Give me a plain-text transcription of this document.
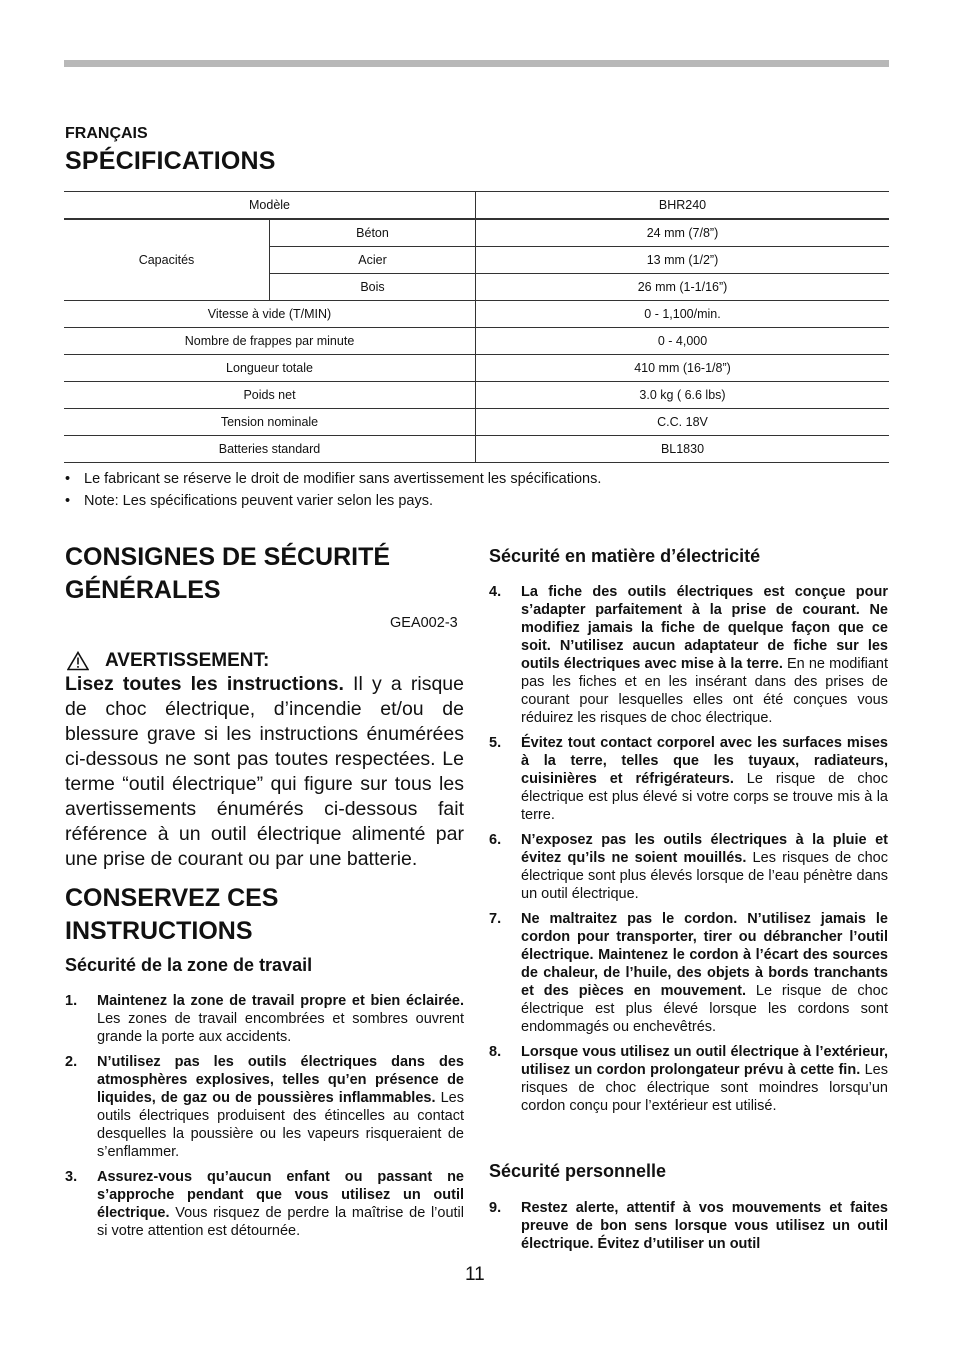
FRANÇAIS
SPÉCIFICATIONS
Modèle		BHR240
Capacités	Béton	24 mm (7/8”)
	Acier	13 mm (1/2”)
	Bois	26 mm (1-1/16”)
Vitesse à vide (T/MIN)		0 - 1,100/min.
Nombre de frappes par minute		0 - 4,000
Longueur totale		410 mm (16-1/8”)
Poids net		3.0 kg ( 6.6 lbs)
Tension nominale		C.C. 18V
Batteries standard		BL1830
• Le fabricant se réserve le droit de modifier sans avertissement les spécifications.
• Note: Les spécifications peuvent varier selon les pays.
CONSIGNES DE SÉCURITÉ
GÉNÉRALES
GEA002-3
AVERTISSEMENT:
Lisez toutes les instructions. Il y a risque de choc électrique, d’incendie et/ou de blessure grave si les instructions énumérées ci-dessous ne sont pas toutes respectées. Le terme “outil électrique” qui figure sur tous les avertissements énumérés ci-dessous fait référence à un outil électrique alimenté par une prise de courant ou par une batterie.
CONSERVEZ CES
INSTRUCTIONS
Sécurité de la zone de travail
1.	Maintenez la zone de travail propre et bien éclairée. Les zones de travail encombrées et sombres ouvrent grande la porte aux accidents.
2.	N’utilisez pas les outils électriques dans des atmosphères explosives, telles qu’en présence de liquides, de gaz ou de poussières inflammables. Les outils électriques produisent des étincelles au contact desquelles la poussière ou les vapeurs risqueraient de s’enflammer.
3.	Assurez-vous qu’aucun enfant ou passant ne s’approche pendant que vous utilisez un outil électrique. Vous risquez de perdre la maîtrise de l’outil si votre attention est détournée.
Sécurité en matière d’électricité
4.	La fiche des outils électriques est conçue pour s’adapter parfaitement à la prise de courant. Ne modifiez jamais la fiche de quelque façon que ce soit. N’utilisez aucun adaptateur de fiche sur les outils électriques avec mise à la terre. En ne modifiant pas les fiches et en les insérant dans des prises de courant pour lesquelles elles ont été conçues vous réduirez les risques de choc électrique.
5.	Évitez tout contact corporel avec les surfaces mises à la terre, telles que les tuyaux, radiateurs, cuisinières et réfrigérateurs. Le risque de choc électrique est plus élevé si votre corps se trouve mis à la terre.
6.	N’exposez pas les outils électriques à la pluie et évitez qu’ils ne soient mouillés. Les risques de choc électrique sont plus élevés lorsque de l’eau pénètre dans un outil électrique.
7.	Ne maltraitez pas le cordon. N’utilisez jamais le cordon pour transporter, tirer ou débrancher l’outil électrique. Maintenez le cordon à l’écart des sources de chaleur, de l’huile, des objets à bords tranchants et des pièces en mouvement. Le risque de choc électrique est plus élevé lorsque les cordons sont endommagés ou enchevêtrés.
8.	Lorsque vous utilisez un outil électrique à l’extérieur, utilisez un cordon prolongateur prévu à cette fin. Les risques de choc électrique sont moindres lorsqu’un cordon conçu pour l’extérieur est utilisé.
Sécurité personnelle
9.	Restez alerte, attentif à vos mouvements et faites preuve de bon sens lorsque vous utilisez un outil électrique. Évitez d’utiliser un outil
11
